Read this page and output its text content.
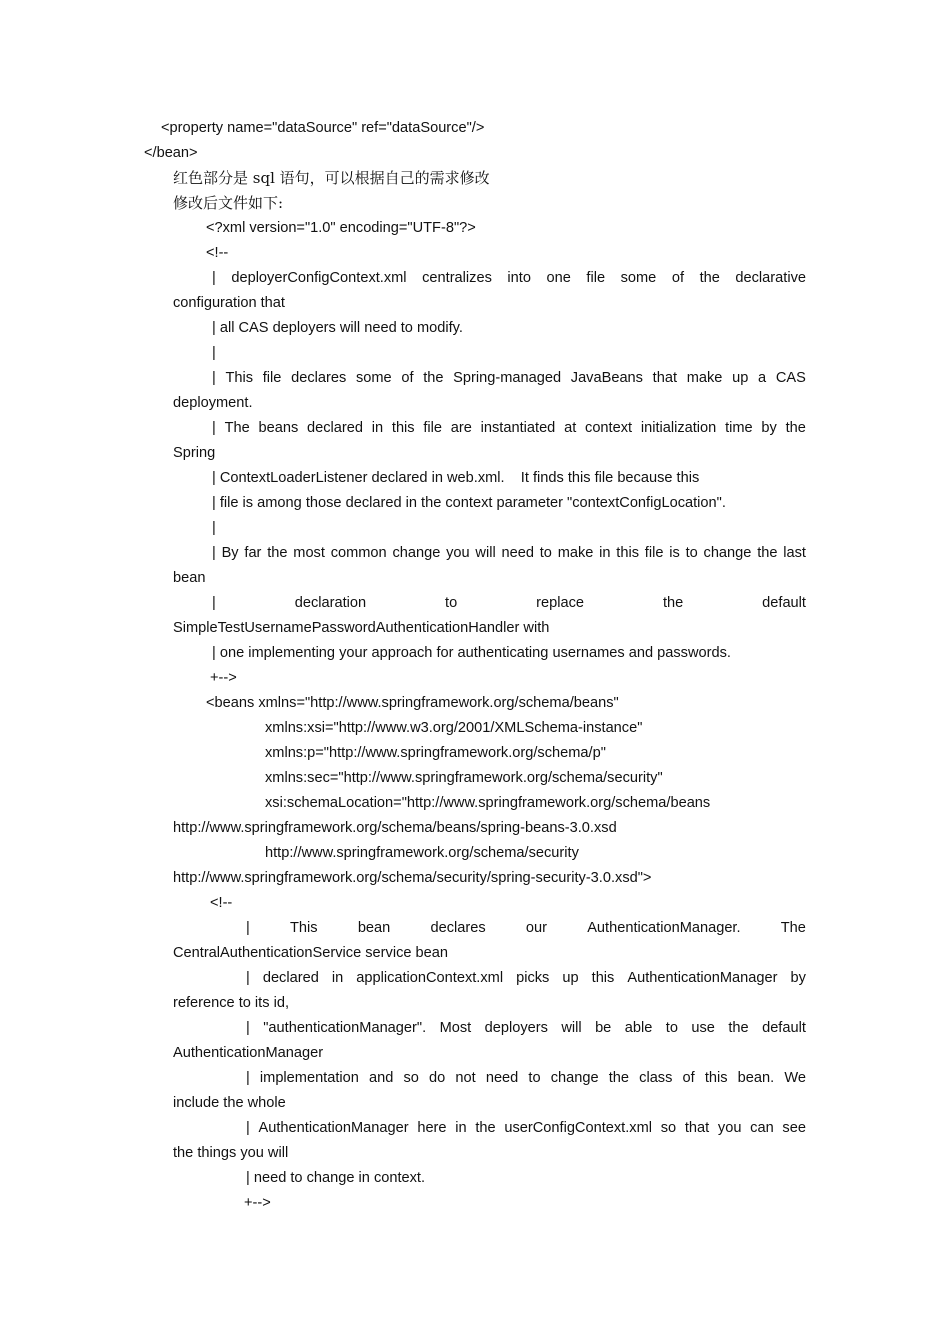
<property name="dataSource" ref="dataSource"/>
</bean>
红色部分是 sql 语句，可以根据自己的需求修改
修改后文件如下:
<?xml version="1.0" encoding="UTF-8"?>
<!--
| deployerConfigContext.xml centralizes into one file some of the declarative
configuration that
| all CAS deployers will need to modify.
|
| This file declares some of the Spring-managed JavaBeans that make up a CAS
deployment.
| The beans declared in this file are instantiated at context initialization time by the
Spring
| ContextLoaderListener declared in web.xml.    It finds this file because this
| file is among those declared in the context parameter "contextConfigLocation".
|
| By far the most common change you will need to make in this file is to change the last
bean
|	declaration	to	replace	the	default
SimpleTestUsernamePasswordAuthenticationHandler with
| one implementing your approach for authenticating usernames and passwords.
+-->
<beans xmlns="http://www.springframework.org/schema/beans"
xmlns:xsi="http://www.w3.org/2001/XMLSchema-instance"
xmlns:p="http://www.springframework.org/schema/p"
xmlns:sec="http://www.springframework.org/schema/security"
xsi:schemaLocation="http://www.springframework.org/schema/beans
http://www.springframework.org/schema/beans/spring-beans-3.0.xsd
http://www.springframework.org/schema/security
http://www.springframework.org/schema/security/spring-security-3.0.xsd">
<!--
|	This	bean	declares	our	AuthenticationManager.	The
CentralAuthenticationService service bean
| declared in applicationContext.xml picks up this AuthenticationManager by
reference to its id,
| "authenticationManager". Most deployers will be able to use the default
AuthenticationManager
| implementation and so do not need to change the class of this bean. We
include the whole
| AuthenticationManager here in the userConfigContext.xml so that you can see
the things you will
| need to change in context.
+-->
